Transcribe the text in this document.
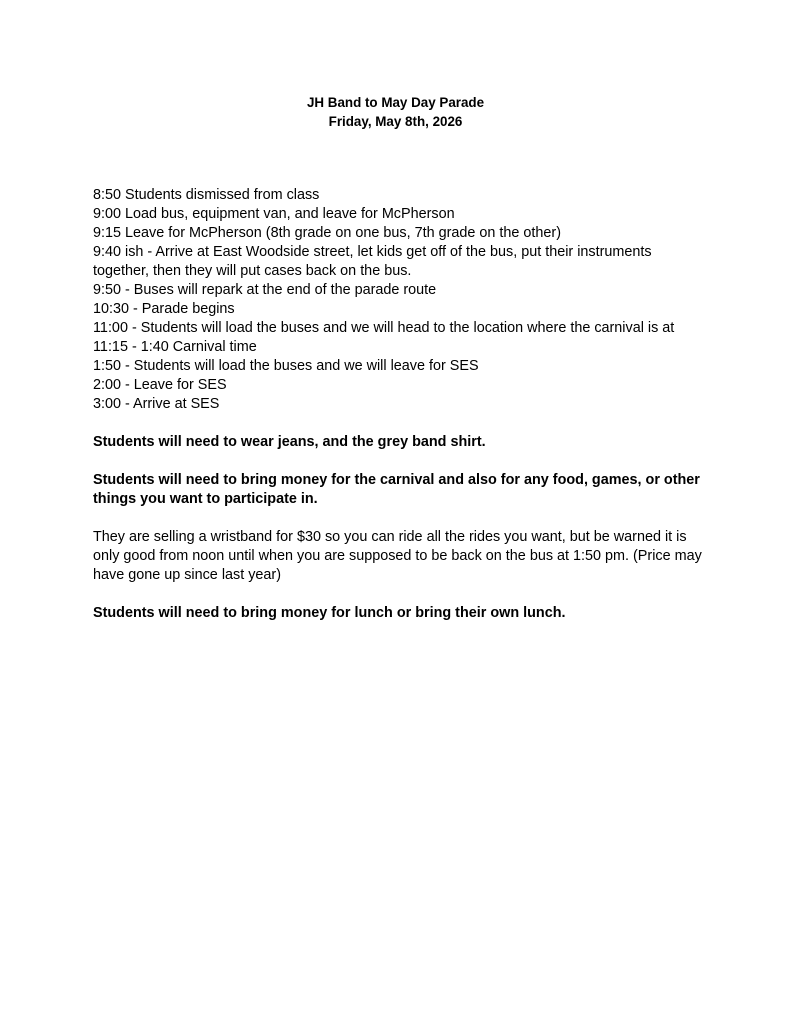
JH Band to May Day Parade
Friday, May 8th, 2026
8:50 Students dismissed from class
9:00 Load bus, equipment van, and leave for McPherson
9:15 Leave for McPherson (8th grade on one bus, 7th grade on the other)
9:40 ish - Arrive at East Woodside street, let kids get off of the bus, put their instruments together, then they will put cases back on the bus.
9:50 - Buses will repark at the end of the parade route
10:30 - Parade begins
11:00 - Students will load the buses and we will head to the location where the carnival is at
11:15 - 1:40 Carnival time
1:50 - Students will load the buses and we will leave for SES
2:00 - Leave for SES
3:00 - Arrive at SES

Students will need to wear jeans, and the grey band shirt.

Students will need to bring money for the carnival and also for any food, games, or other things you want to participate in.

They are selling a wristband for $30 so you can ride all the rides you want, but be warned it is only good from noon until when you are supposed to be back on the bus at 1:50 pm. (Price may have gone up since last year)

Students will need to bring money for lunch or bring their own lunch.
